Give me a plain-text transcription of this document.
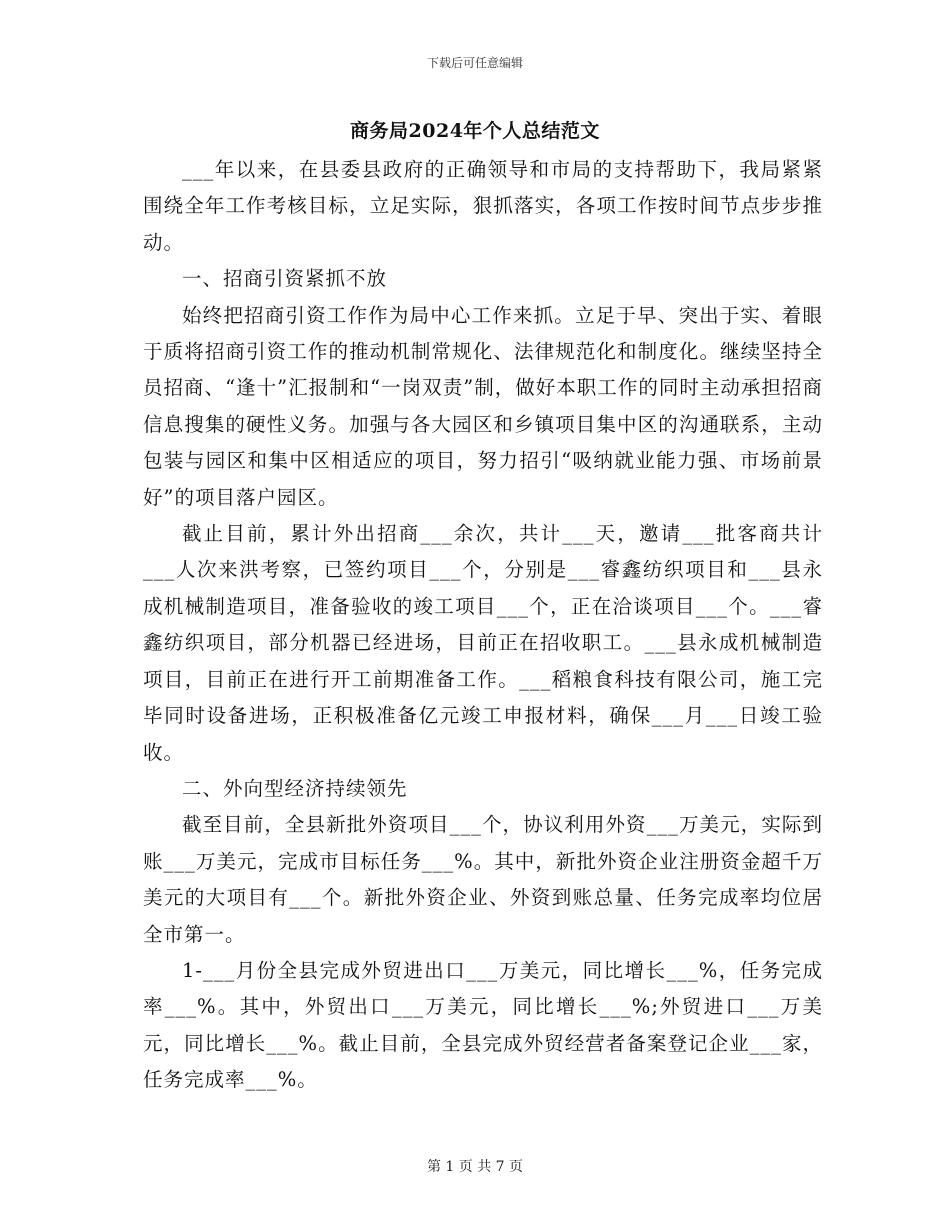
下载后可任意编辑
商务局2024年个人总结范文

___年以来，在县委县政府的正确领导和市局的支持帮助下，我局紧紧围绕全年工作考核目标，立足实际，狠抓落实，各项工作按时间节点步步推动。

一、招商引资紧抓不放

始终把招商引资工作作为局中心工作来抓。立足于早、突出于实、着眼于质将招商引资工作的推动机制常规化、法律规范化和制度化。继续坚持全员招商、“逢十”汇报制和“一岗双责”制，做好本职工作的同时主动承担招商信息搜集的硬性义务。加强与各大园区和乡镇项目集中区的沟通联系，主动包装与园区和集中区相适应的项目，努力招引“吸纳就业能力强、市场前景好”的项目落户园区。

截止目前，累计外出招商___余次，共计___天，邀请___批客商共计___人次来洪考察，已签约项目___个，分别是___睿鑫纺织项目和___县永成机械制造项目，准备验收的竣工项目___个，正在洽谈项目___个。___睿鑫纺织项目，部分机器已经进场，目前正在招收职工。___县永成机械制造项目，目前正在进行开工前期准备工作。___稻粮食科技有限公司，施工完毕同时设备进场，正积极准备亿元竣工申报材料，确保___月___日竣工验收。

二、外向型经济持续领先

截至目前，全县新批外资项目___个，协议利用外资___万美元，实际到账___万美元，完成市目标任务___%。其中，新批外资企业注册资金超千万美元的大项目有___个。新批外资企业、外资到账总量、任务完成率均位居全市第一。

1-___月份全县完成外贸进出口___万美元，同比增长___%，任务完成率___%。其中，外贸出口___万美元，同比增长___%;外贸进口___万美元，同比增长___%。截止目前，全县完成外贸经营者备案登记企业___家，任务完成率___%。

第 1 页 共 7 页
